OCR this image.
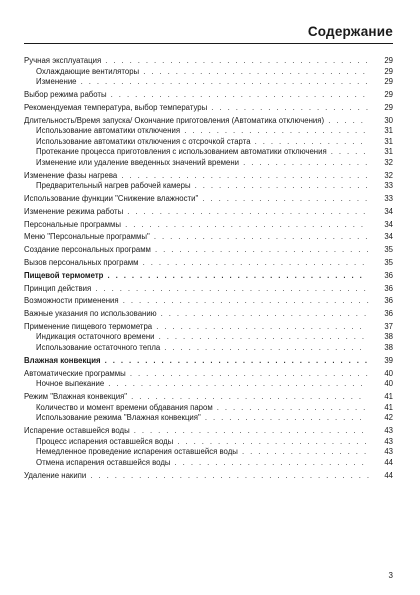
Содержание
Ручная эксплуатация . . . . . . . . . . . . . . . . . . . . . . . . . . . . . . . . .	29
Охлаждающие вентиляторы . . . . . . . . . . . . . . . . . . . . . . . . . . . .	29
Изменение . . . . . . . . . . . . . . . . . . . . . . . . . . . . . . . . . . . .	29
Выбор режима работы . . . . . . . . . . . . . . . . . . . . . . . . . . . . . . . .	29
Рекомендуемая температура, выбор температуры . . . . . . . . . . . . . . . . . . . .	29
Длительность/Время запуска/ Окончание приготовления (Автоматика отключения) . . . . .	30
Использование автоматики отключения . . . . . . . . . . . . . . . . . . . . . . .	31
Использование автоматики отключения с отсрочкой старта . . . . . . . . . . . . . .	31
Протекание процесса приготовления с использованием автоматики отключения . . . . .	31
Изменение или удаление введенных значений времени . . . . . . . . . . . . . . . .	32
Изменение фазы нагрева . . . . . . . . . . . . . . . . . . . . . . . . . . . . . . .	32
Предварительный нагрев рабочей камеры . . . . . . . . . . . . . . . . . . . . . .	33
Использование функции "Снижение влажности" . . . . . . . . . . . . . . . . . . . . .	33
Изменение режима работы . . . . . . . . . . . . . . . . . . . . . . . . . . . . . .	34
Персональные программы . . . . . . . . . . . . . . . . . . . . . . . . . . . . . .	34
Меню "Персональные программы" . . . . . . . . . . . . . . . . . . . . . . . . . . .	34
Создание персональных программ . . . . . . . . . . . . . . . . . . . . . . . . . . .	35
Вызов персональных программ . . . . . . . . . . . . . . . . . . . . . . . . . . . .	35
Пищевой термометр . . . . . . . . . . . . . . . . . . . . . . . . . . . . . . . .	36
Принцип действия . . . . . . . . . . . . . . . . . . . . . . . . . . . . . . . . . .	36
Возможности применения . . . . . . . . . . . . . . . . . . . . . . . . . . . . . . .	36
Важные указания по использованию . . . . . . . . . . . . . . . . . . . . . . . . . .	36
Применение пищевого термометра . . . . . . . . . . . . . . . . . . . . . . . . . .	37
Индикация остаточного времени . . . . . . . . . . . . . . . . . . . . . . . . . .	38
Использование остаточного тепла . . . . . . . . . . . . . . . . . . . . . . . . .	38
Влажная конвекция . . . . . . . . . . . . . . . . . . . . . . . . . . . . . . . . .	39
Автоматические программы . . . . . . . . . . . . . . . . . . . . . . . . . . . . . .	40
Ночное выпекание . . . . . . . . . . . . . . . . . . . . . . . . . . . . . . . .	40
Режим "Влажная конвекция" . . . . . . . . . . . . . . . . . . . . . . . . . . . . .	41
Количество и момент времени обдавания паром . . . . . . . . . . . . . . . . . . .	41
Использование режима "Влажная конвекция" . . . . . . . . . . . . . . . . . . . .	42
Испарение оставшейся воды . . . . . . . . . . . . . . . . . . . . . . . . . . . . .	43
Процесс испарения оставшейся воды . . . . . . . . . . . . . . . . . . . . . . . .	43
Немедленное проведение испарения оставшейся воды . . . . . . . . . . . . . . . .	43
Отмена испарения оставшейся воды . . . . . . . . . . . . . . . . . . . . . . . .	44
Удаление накипи . . . . . . . . . . . . . . . . . . . . . . . . . . . . . . . . . . .	44
3
